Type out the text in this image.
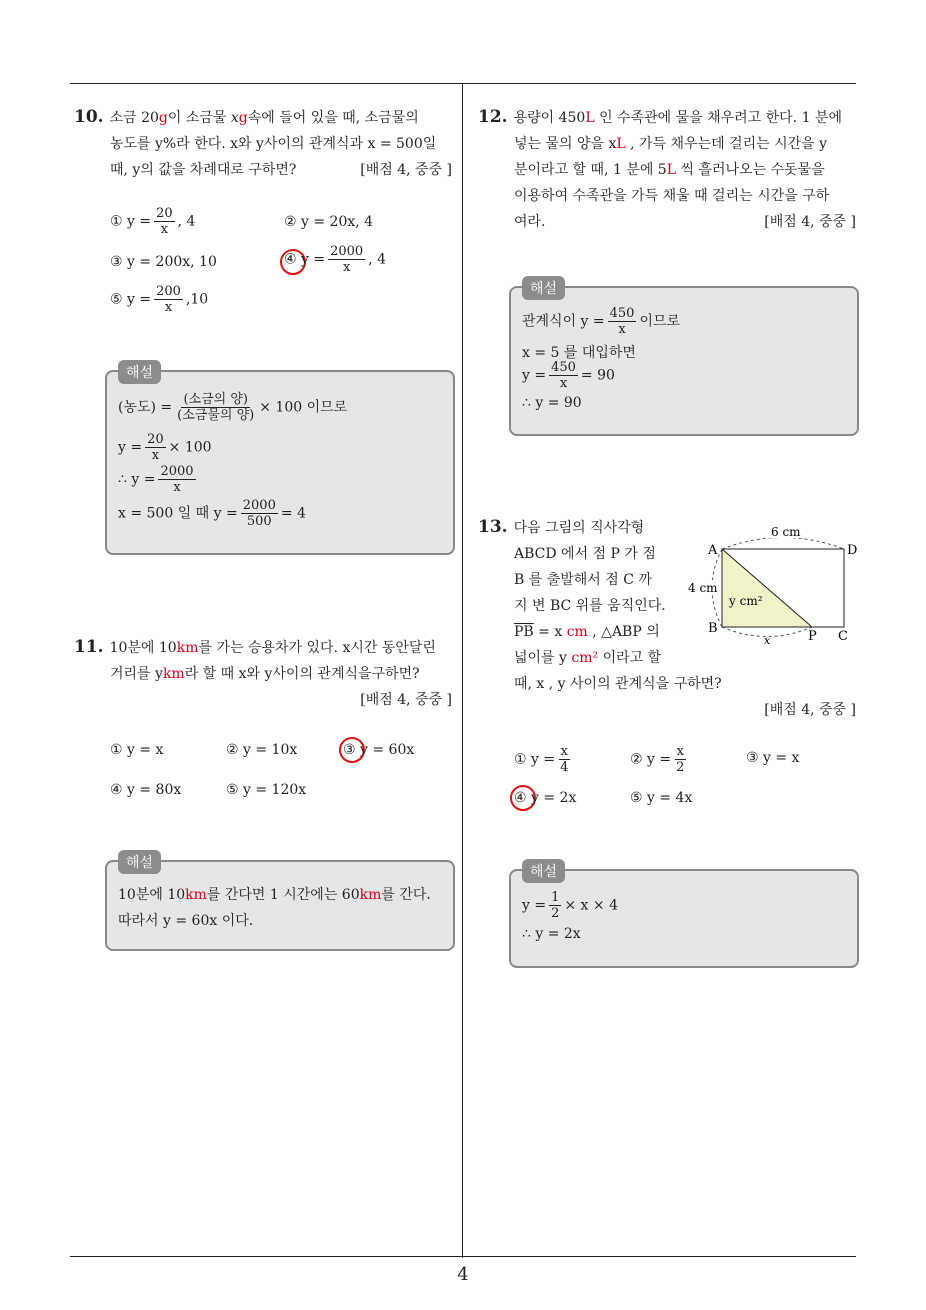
4
10. 소금 20g이 소금물 xg속에 들어 있을 때, 소금물의
농도를 y%라 한다. x와 y사이의 관계식과 x = 500일
때, y의 값을 차례대로 구하면?	[배점 4, 중중 ]
① $y = \frac{20}{x}$ , 4	② y = 20x, 4
③ y = 200x, 10	④ $y = \frac{2000}{x}$ , 4
⑤ $y = \frac{200}{x} ,10$
해설
(농도) = $\frac{\text{(소금의 양)}}{\text{(소금물의 양)}} \times 100$ 이므로
$y = \frac{20}{x} \times 100$
∴ $y = \frac{2000}{x}$
x = 500 일 때 $y = \frac{2000}{500} = 4$
11. 10분에 10km를 가는 승용차가 있다. x시간 동안달린
거리를 ykm라 할 때 x와 y사이의 관계식을구하면?
[배점 4, 중중 ]
① y = x	② y = 10x	③ y = 60x
④ y = 80x	⑤ y = 120x
해설
10분에 10km를 간다면 1 시간에는 60km를 간다.
따라서 y = 60x 이다.
12. 용량이 450L 인 수족관에 물을 채우려고 한다. 1 분에
넣는 물의 양을 xL , 가득 채우는데 걸리는 시간을 y
분이라고 할 때, 1 분에 5L 씩 흘러나오는 수돗물을
이용하여 수족관을 가득 채울 때 걸리는 시간을 구하
여라.	[배점 4, 중중 ]
해설
관계식이 $y = \frac{450}{x}$ 이므로
x = 5 를 대입하면
$y = \frac{450}{x} = 90$
∴ y = 90
13. 다음 그림의 직사각형
ABCD 에서 점 P 가 점
B 를 출발해서 점 C 까
지 변 BC 위를 움직인다.
$\overline{PB} = x$ cm , △ABP 의
넓이를 y cm² 이라고 할
때, x , y 사이의 관계식을 구하면?
[배점 4, 중중 ]
6 cm
4 cm
A	D
B
P C
x
y cm²
① $y = \frac{x}{4}$	② $y = \frac{x}{2}$	③ y = x
④ y = 2x	⑤ y = 4x
해설
$y = \frac{1}{2} \times x \times 4$
∴ y = 2x
